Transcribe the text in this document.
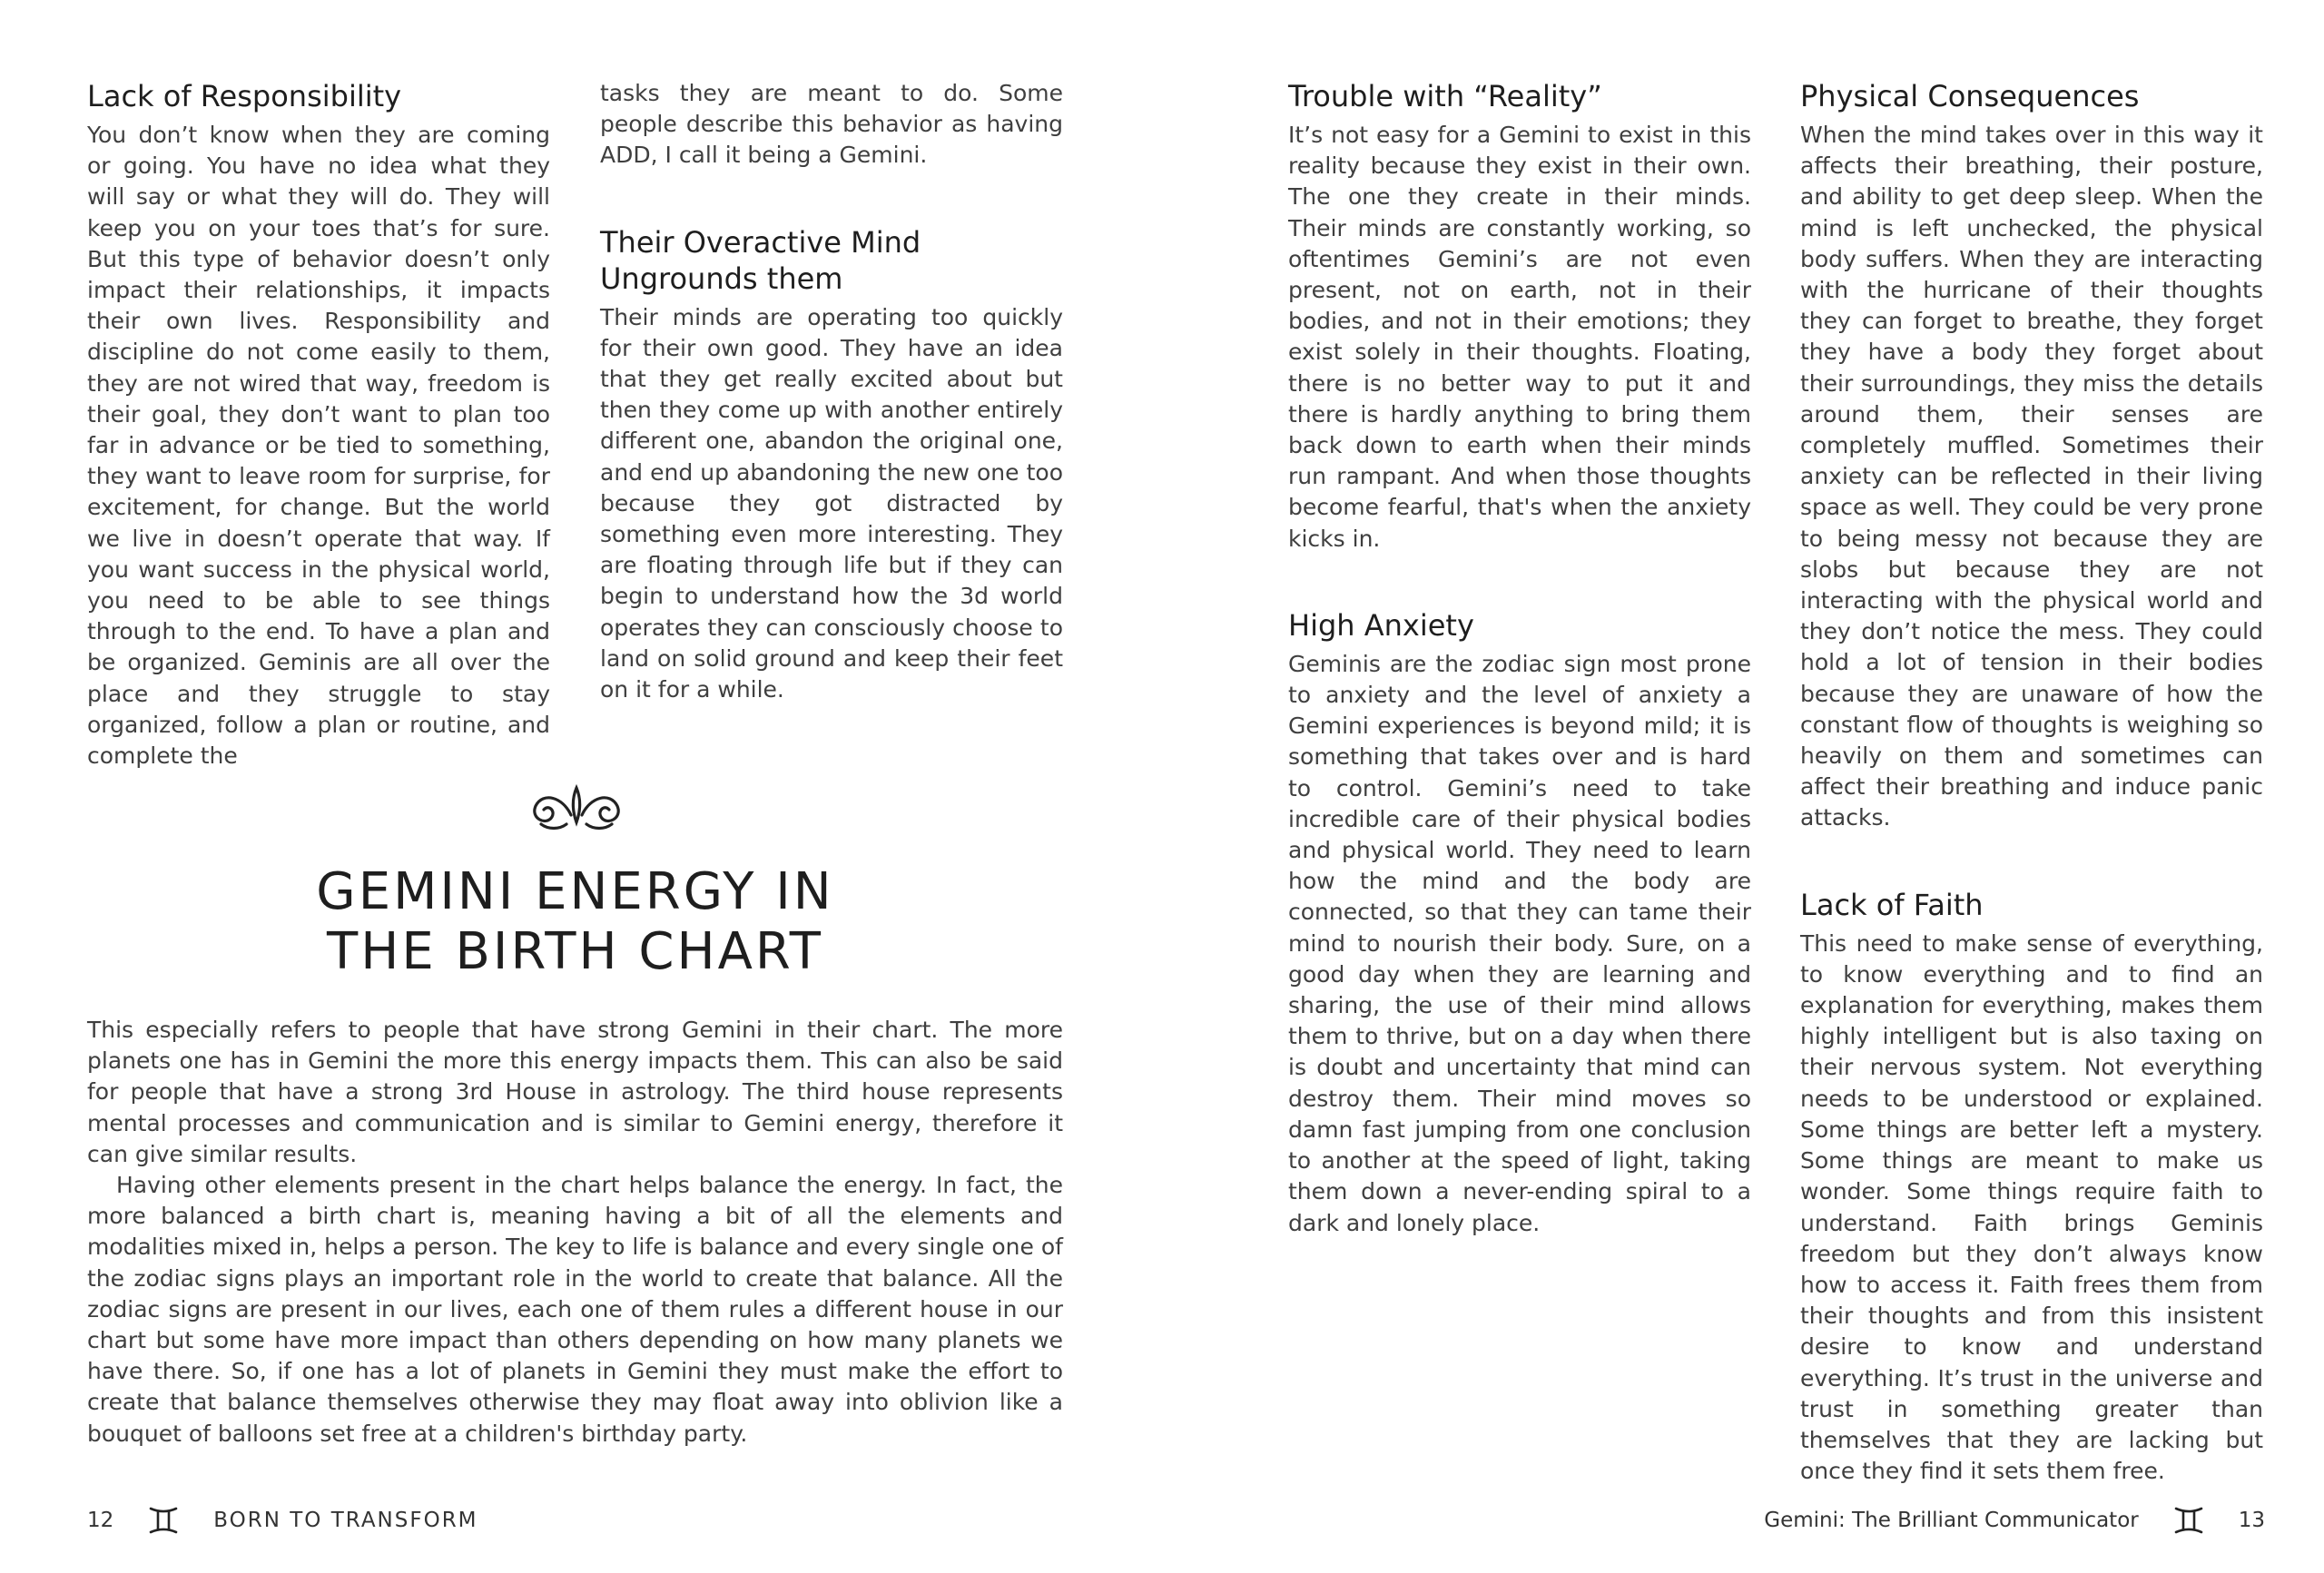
Lack of Responsibility

You don’t know when they are coming or going. You have no idea what they will say or what they will do. They will keep you on your toes that’s for sure. But this type of behavior doesn’t only impact their relationships, it impacts their own lives. Responsibility and discipline do not come easily to them, they are not wired that way, freedom is their goal, they don’t want to plan too far in advance or be tied to something, they want to leave room for surprise, for excitement, for change. But the world we live in doesn’t operate that way. If you want success in the physical world, you need to be able to see things through to the end. To have a plan and be organized. Geminis are all over the place and they struggle to stay organized, follow a plan or routine, and complete the

tasks they are meant to do. Some people describe this behavior as having ADD, I call it being a Gemini.

Their Overactive Mind Ungrounds them

Their minds are operating too quickly for their own good. They have an idea that they get really excited about but then they come up with another entirely different one, abandon the original one, and end up abandoning the new one too because they got distracted by something even more interesting. They are floating through life but if they can begin to understand how the 3d world operates they can consciously choose to land on solid ground and keep their feet on it for a while.

GEMINI ENERGY IN
THE BIRTH CHART

This especially refers to people that have strong Gemini in their chart. The more planets one has in Gemini the more this energy impacts them. This can also be said for people that have a strong 3rd House in astrology. The third house represents mental processes and communication and is similar to Gemini energy, therefore it can give similar results.

Having other elements present in the chart helps balance the energy. In fact, the more balanced a birth chart is, meaning having a bit of all the elements and modalities mixed in, helps a person. The key to life is balance and every single one of the zodiac signs plays an important role in the world to create that balance. All the zodiac signs are present in our lives, each one of them rules a different house in our chart but some have more impact than others depending on how many planets we have there. So, if one has a lot of planets in Gemini they must make the effort to create that balance themselves otherwise they may float away into oblivion like a bouquet of balloons set free at a children's birthday party.

12	BORN TO TRANSFORM
Trouble with “Reality”

It’s not easy for a Gemini to exist in this reality because they exist in their own. The one they create in their minds. Their minds are constantly working, so oftentimes Gemini’s are not even present, not on earth, not in their bodies, and not in their emotions; they exist solely in their thoughts. Floating, there is no better way to put it and there is hardly anything to bring them back down to earth when their minds run rampant. And when those thoughts become fearful, that's when the anxiety kicks in.

High Anxiety

Geminis are the zodiac sign most prone to anxiety and the level of anxiety a Gemini experiences is beyond mild; it is something that takes over and is hard to control. Gemini’s need to take incredible care of their physical bodies and physical world. They need to learn how the mind and the body are connected, so that they can tame their mind to nourish their body. Sure, on a good day when they are learning and sharing, the use of their mind allows them to thrive, but on a day when there is doubt and uncertainty that mind can destroy them. Their mind moves so damn fast jumping from one conclusion to another at the speed of light, taking them down a never-ending spiral to a dark and lonely place.

Physical Consequences

When the mind takes over in this way it affects their breathing, their posture, and ability to get deep sleep. When the mind is left unchecked, the physical body suffers. When they are interacting with the hurricane of their thoughts they can forget to breathe, they forget they have a body they forget about their surroundings, they miss the details around them, their senses are completely muffled. Sometimes their anxiety can be reflected in their living space as well. They could be very prone to being messy not because they are slobs but because they are not interacting with the physical world and they don’t notice the mess. They could hold a lot of tension in their bodies because they are unaware of how the constant flow of thoughts is weighing so heavily on them and sometimes can affect their breathing and induce panic attacks.

Lack of Faith

This need to make sense of everything, to know everything and to find an explanation for everything, makes them highly intelligent but is also taxing on their nervous system. Not everything needs to be understood or explained. Some things are better left a mystery. Some things are meant to make us wonder. Some things require faith to understand. Faith brings Geminis freedom but they don’t always know how to access it. Faith frees them from their thoughts and from this insistent desire to know and understand everything. It’s trust in the universe and trust in something greater than themselves that they are lacking but once they find it sets them free.

Gemini: The Brilliant Communicator	13
